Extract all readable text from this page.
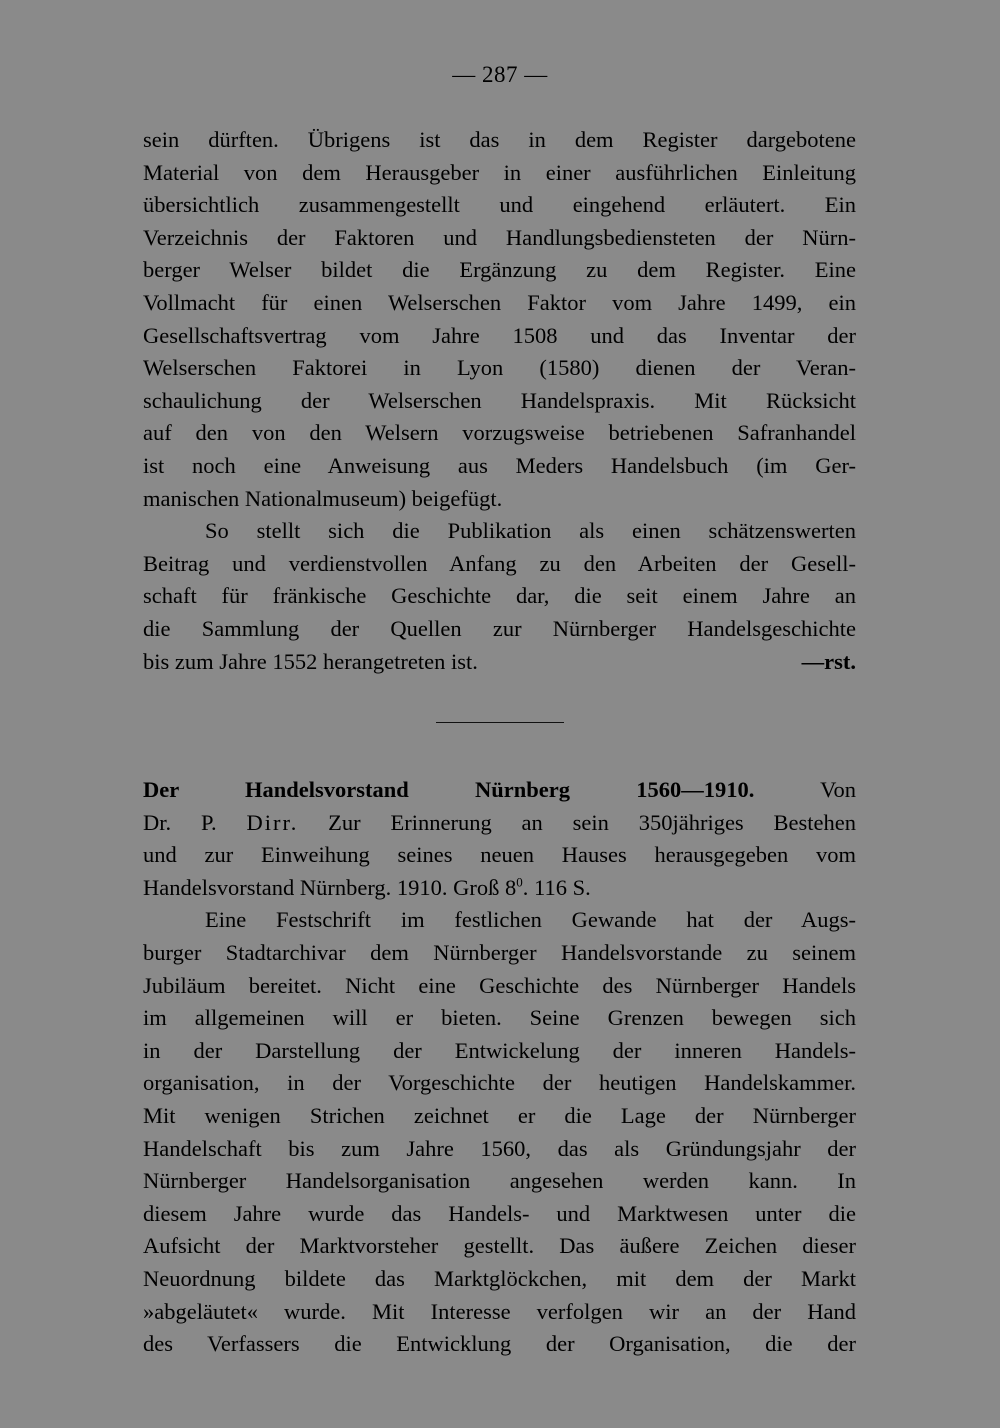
— 287 —
sein dürften. Übrigens ist das in dem Register dargebotene
Material von dem Herausgeber in einer ausführlichen Einleitung
übersichtlich zusammengestellt und eingehend erläutert. Ein
Verzeichnis der Faktoren und Handlungsbediensteten der Nürn-
berger Welser bildet die Ergänzung zu dem Register. Eine
Vollmacht für einen Welserschen Faktor vom Jahre 1499, ein
Gesellschaftsvertrag vom Jahre 1508 und das Inventar der
Welserschen Faktorei in Lyon (1580) dienen der Veran-
schaulichung der Welserschen Handelspraxis. Mit Rücksicht
auf den von den Welsern vorzugsweise betriebenen Safranhandel
ist noch eine Anweisung aus Meders Handelsbuch (im Ger-
manischen Nationalmuseum) beigefügt.
So stellt sich die Publikation als einen schätzenswerten
Beitrag und verdienstvollen Anfang zu den Arbeiten der Gesell-
schaft für fränkische Geschichte dar, die seit einem Jahre an
die Sammlung der Quellen zur Nürnberger Handelsgeschichte
bis zum Jahre 1552 herangetreten ist.	—rst.
Der Handelsvorstand Nürnberg 1560—1910.	Von
Dr. P. Dirr. Zur Erinnerung an sein 350jähriges Bestehen
und zur Einweihung seines neuen Hauses herausgegeben vom
Handelsvorstand Nürnberg. 1910. Groß $8^0$. 116 S.
Eine Festschrift im festlichen Gewande hat der Augs-
burger Stadtarchivar dem Nürnberger Handelsvorstande zu seinem
Jubiläum bereitet. Nicht eine Geschichte des Nürnberger Handels
im allgemeinen will er bieten. Seine Grenzen bewegen sich
in der Darstellung der Entwickelung der inneren Handels-
organisation, in der Vorgeschichte der heutigen Handelskammer.
Mit wenigen Strichen zeichnet er die Lage der Nürnberger
Handelschaft bis zum Jahre 1560, das als Gründungsjahr der
Nürnberger Handelsorganisation angesehen werden kann. In
diesem Jahre wurde das Handels- und Marktwesen unter die
Aufsicht der Marktvorsteher gestellt. Das äußere Zeichen dieser
Neuordnung bildete das Marktglöckchen, mit dem der Markt
»abgeläutet« wurde. Mit Interesse verfolgen wir an der Hand
des Verfassers die Entwicklung der Organisation, die der
